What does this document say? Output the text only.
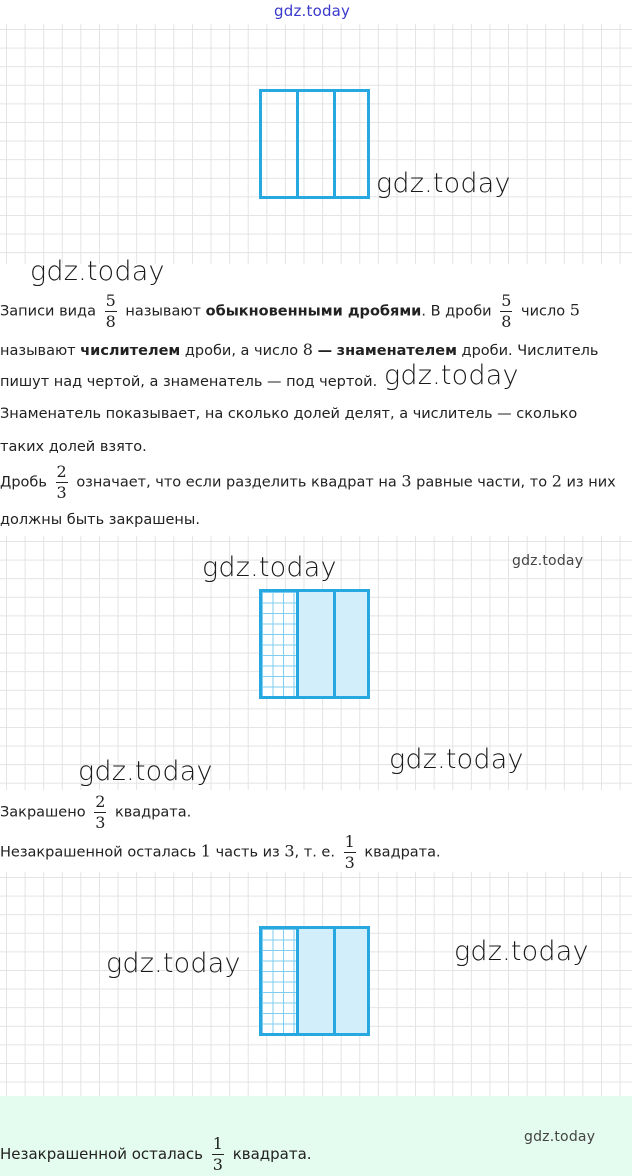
gdz.today
gdz.today
gdz.today
Записи вида $\frac{5}{8}$ называют обыкновенными дробями. В дроби $\frac{5}{8}$ число 5
называют числителем дроби, а число 8 — знаменателем дроби. Числитель
пишут над чертой, а знаменатель — под чертой. gdz.today
Знаменатель показывает, на сколько долей делят, а числитель — сколько
таких долей взято.
Дробь $\frac{2}{3}$ означает, что если разделить квадрат на 3 равные части, то 2 из них
должны быть закрашены.
gdz.today	gdz.today
gdz.today
gdz.today
Закрашено $\frac{2}{3}$ квадрата.
Незакрашенной осталась 1 часть из 3, т. е. $\frac{1}{3}$ квадрата.
gdz.today	gdz.today
gdz.today
Незакрашенной осталась $\frac{1}{3}$ квадрата.
